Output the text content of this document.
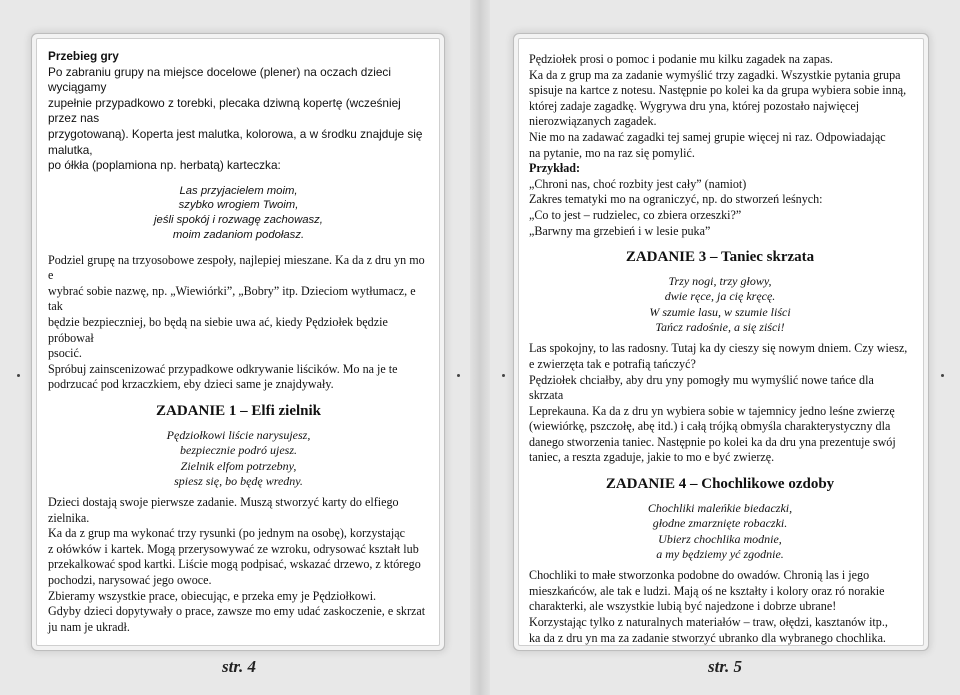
Przebieg gry

Po zabraniu grupy na miejsce docelowe (plener) na oczach dzieci wyciągamy

zupełnie przypadkowo z torebki, plecaka dziwną kopertę (wcześniej przez nas

przygotowaną). Koperta jest malutka, kolorowa, a w środku znajduje się malutka,

po ółkła (poplamiona np. herbatą) karteczka:

Las przyjacielem moim,
szybko wrogiem Twoim,
jeśli spokój i rozwagę zachowasz,
moim zadaniom podołasz.

Podziel grupę na trzyosobowe zespoły, najlepiej mieszane. Ka da z dru yn mo e

wybrać sobie nazwę, np. „Wiewiórki”, „Bobry” itp. Dzieciom wytłumacz, e tak

będzie bezpieczniej, bo będą na siebie uwa ać, kiedy Pędziołek będzie próbował

psocić.

Spróbuj zainscenizować przypadkowe odkrywanie liścików. Mo na je te

podrzucać pod krzaczkiem, eby dzieci same je znajdywały.

ZADANIE 1 – Elfi zielnik
Pędziołkowi liście narysujesz,
bezpiecznie podró ujesz.
Zielnik elfom potrzebny,
spiesz się, bo będę wredny.

Dzieci dostają swoje pierwsze zadanie. Muszą stworzyć karty do elfiego zielnika.

Ka da z grup ma wykonać trzy rysunki (po jednym na osobę), korzystając

z ołówków i kartek. Mogą przerysowywać ze wzroku, odrysować kształt lub

przekalkować spod kartki. Liście mogą podpisać, wskazać drzewo, z którego

pochodzi, narysować jego owoce.

Zbieramy wszystkie prace, obiecując, e przeka emy je Pędziołkowi.

Gdyby dzieci dopytywały o prace, zawsze mo emy udać zaskoczenie, e skrzat

ju nam je ukradł.

Pędziołek prosi o pomoc i podanie mu kilku zagadek na zapas.

Ka da z grup ma za zadanie wymyślić trzy zagadki. Wszystkie pytania grupa

spisuje na kartce z notesu. Następnie po kolei ka da grupa wybiera sobie inną,

której zadaje zagadkę. Wygrywa dru yna, której pozostało najwięcej

nierozwiązanych zagadek.

Nie mo na zadawać zagadki tej samej grupie więcej ni raz. Odpowiadając

na pytanie, mo na raz się pomylić.

Przykład:

„Chroni nas, choć rozbity jest cały” (namiot)

Zakres tematyki mo na ograniczyć, np. do stworzeń leśnych:

„Co to jest – rudzielec, co zbiera orzeszki?”

„Barwny ma grzebień i w lesie puka”

ZADANIE 3 – Taniec skrzata
Trzy nogi, trzy głowy,
dwie ręce, ja cię kręcę.
W szumie lasu, w szumie liści
Tańcz radośnie, a się ziści!

Las spokojny, to las radosny. Tutaj ka dy cieszy się nowym dniem. Czy wiesz,

e zwierzęta tak e potrafią tańczyć?

Pędziołek chciałby, aby dru yny pomogły mu wymyślić nowe tańce dla skrzata

Leprekauna. Ka da z dru yn wybiera sobie w tajemnicy jedno leśne zwierzę

(wiewiórkę, pszczołę, abę itd.) i całą trójką obmyśla charakterystyczny dla

danego stworzenia taniec. Następnie po kolei ka da dru yna prezentuje swój

taniec, a reszta zgaduje, jakie to mo e być zwierzę.

ZADANIE 4 – Chochlikowe ozdoby
Chochliki maleńkie biedaczki,
głodne zmarznięte robaczki.
Ubierz chochlika modnie,
a my będziemy yć zgodnie.

Chochliki to małe stworzonka podobne do owadów. Chronią las i jego

mieszkańców, ale tak e ludzi. Mają oś ne kształty i kolory oraz ró norakie

charakterki, ale wszystkie lubią być najedzone i dobrze ubrane!

Korzystając tylko z naturalnych materiałów – traw, ołędzi, kasztanów itp.,

ka da z dru yn ma za zadanie stworzyć ubranko dla wybranego chochlika.

str. 4	str. 5
